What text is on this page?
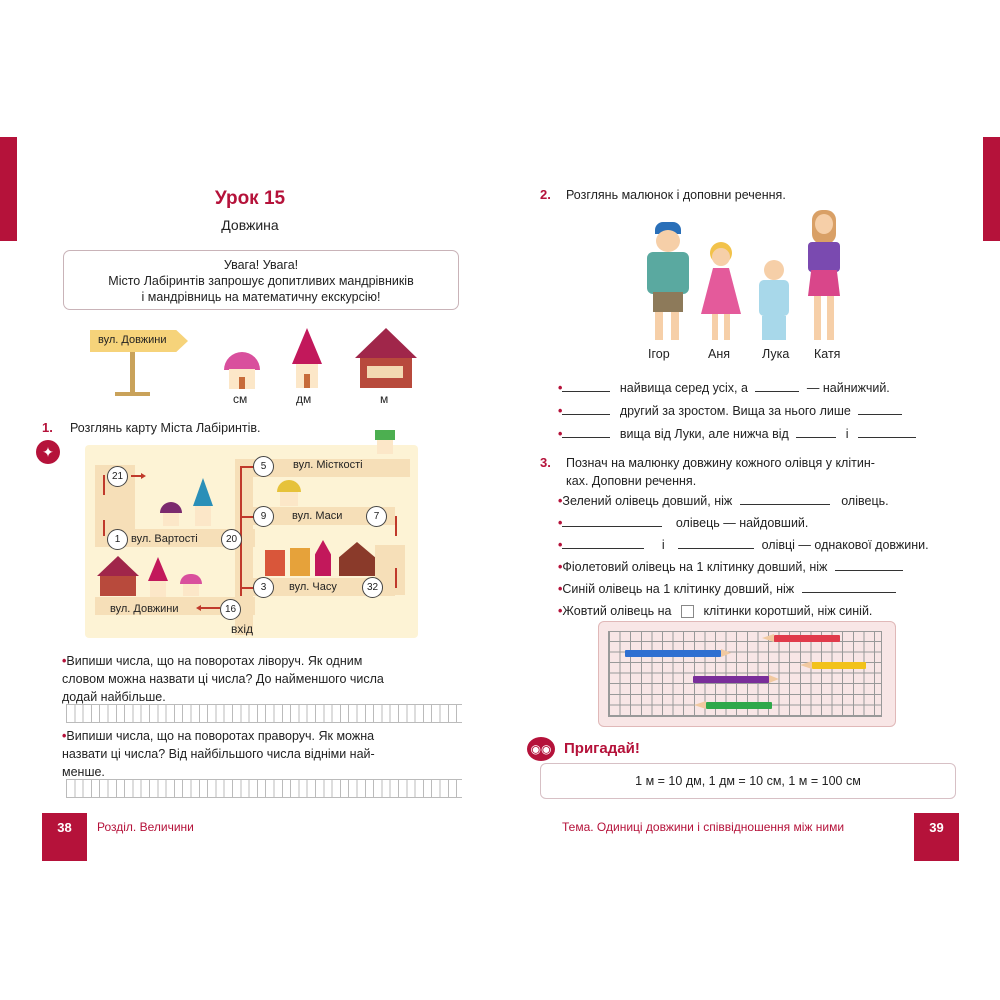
Урок 15
Довжина
Увага! Увага!
Місто Лабіринтів запрошує допитливих мандрівників
і мандрівниць на математичну екскурсію!
вул. Довжини
см	дм	м
✦
1. Розглянь карту Міста Лабіринтів.
21
5
9	7
1	20
3	32
16
вул. Місткості
вул. Маси
вул. Вартості
вул. Часу
вул. Довжини
вхід
•Випиши числа, що на поворотах ліворуч. Як одним
словом можна назвати ці числа? До найменшого числа
додай найбільше.
•Випиши числа, що на поворотах праворуч. Як можна
назвати ці числа? Від найбільшого числа відніми най-
менше.
38	Розділ. Величини
2. Розглянь малюнок і доповни речення.
Ігор	Аня	Лука Катя
•	найвища серед усіх, а	— найнижчий.
•	другий за зростом. Вища за нього лише
•	вища від Луки, але нижча від	і
3. Познач на малюнку довжину кожного олівця у клітин-
ках. Доповни речення.
•Зелений олівець довший, ніж	олівець.
•	олівець — найдовший.
•	і	олівці — однакової довжини.
•Фіолетовий олівець на 1 клітинку довший, ніж
•Синій олівець на 1 клітинку довший, ніж
•Жовтий олівець на	клітинки коротший, ніж синій.
◉◉ Пригадай!
1 м = 10 дм, 1 дм = 10 см, 1 м = 100 см
Тема. Одиниці довжини і співвідношення між ними	39
